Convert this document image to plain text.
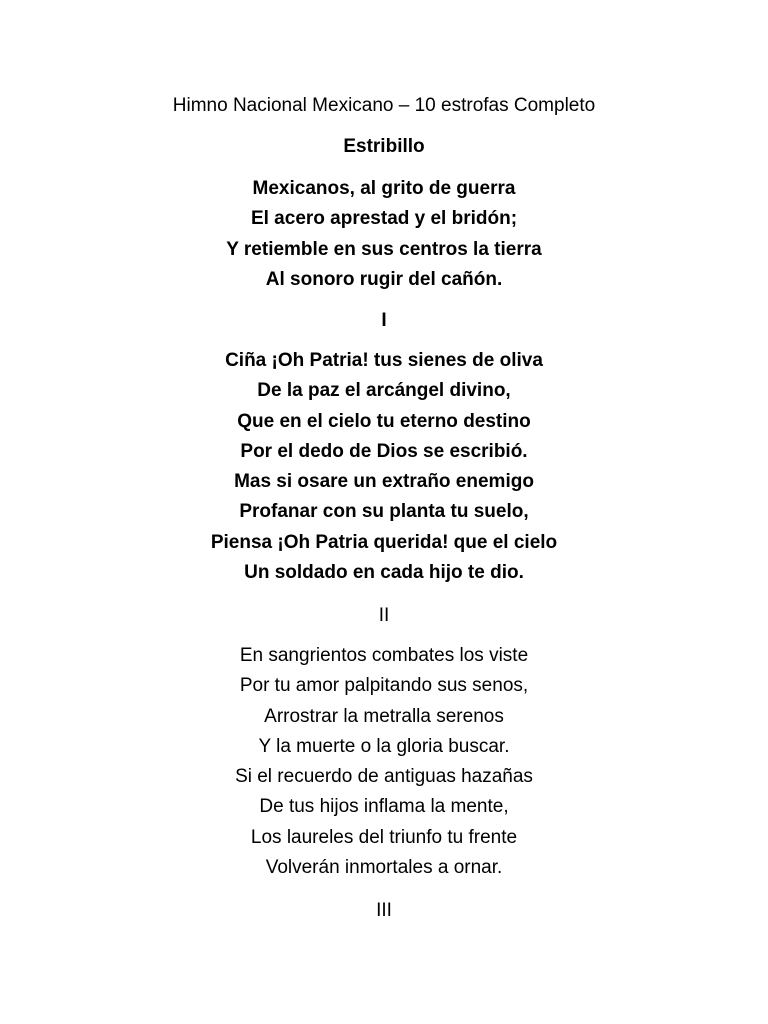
Himno Nacional Mexicano – 10 estrofas Completo
Estribillo
Mexicanos, al grito de guerra
El acero aprestad y el bridón;
Y retiemble en sus centros la tierra
Al sonoro rugir del cañón.
I
Ciña ¡Oh Patria! tus sienes de oliva
De la paz el arcángel divino,
Que en el cielo tu eterno destino
Por el dedo de Dios se escribió.
Mas si osare un extraño enemigo
Profanar con su planta tu suelo,
Piensa ¡Oh Patria querida! que el cielo
Un soldado en cada hijo te dio.
II
En sangrientos combates los viste
Por tu amor palpitando sus senos,
Arrostrar la metralla serenos
Y la muerte o la gloria buscar.
Si el recuerdo de antiguas hazañas
De tus hijos inflama la mente,
Los laureles del triunfo tu frente
Volverán inmortales a ornar.
III
